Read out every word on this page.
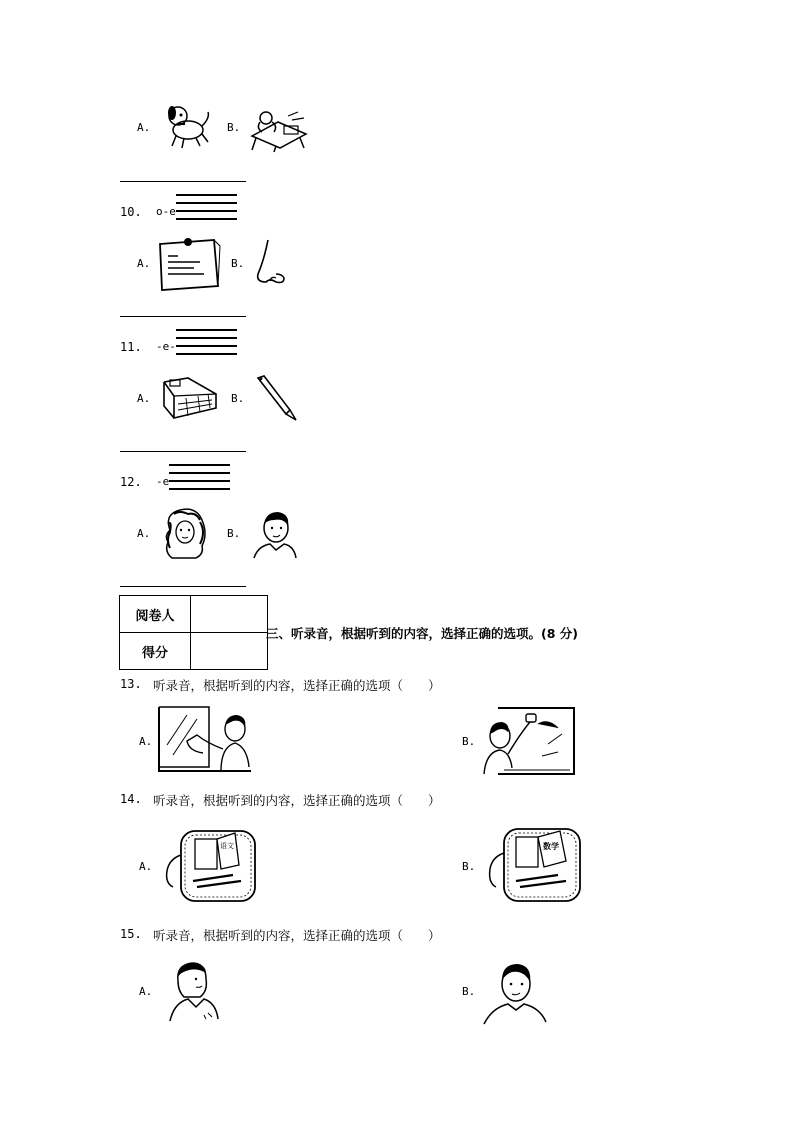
A.	B.
10. o-e
A.	B.
11. -e-
A.	B.
12. -e
A.	B.
阅卷人	
得分	
三、听录音，根据听到的内容，选择正确的选项。(8 分)
13. 听录音，根据听到的内容，选择正确的选项（　　）
A.	B.
14. 听录音，根据听到的内容，选择正确的选项（　　）
A.
语文
B.
数学
15. 听录音，根据听到的内容，选择正确的选项（　　）
A.	B.
